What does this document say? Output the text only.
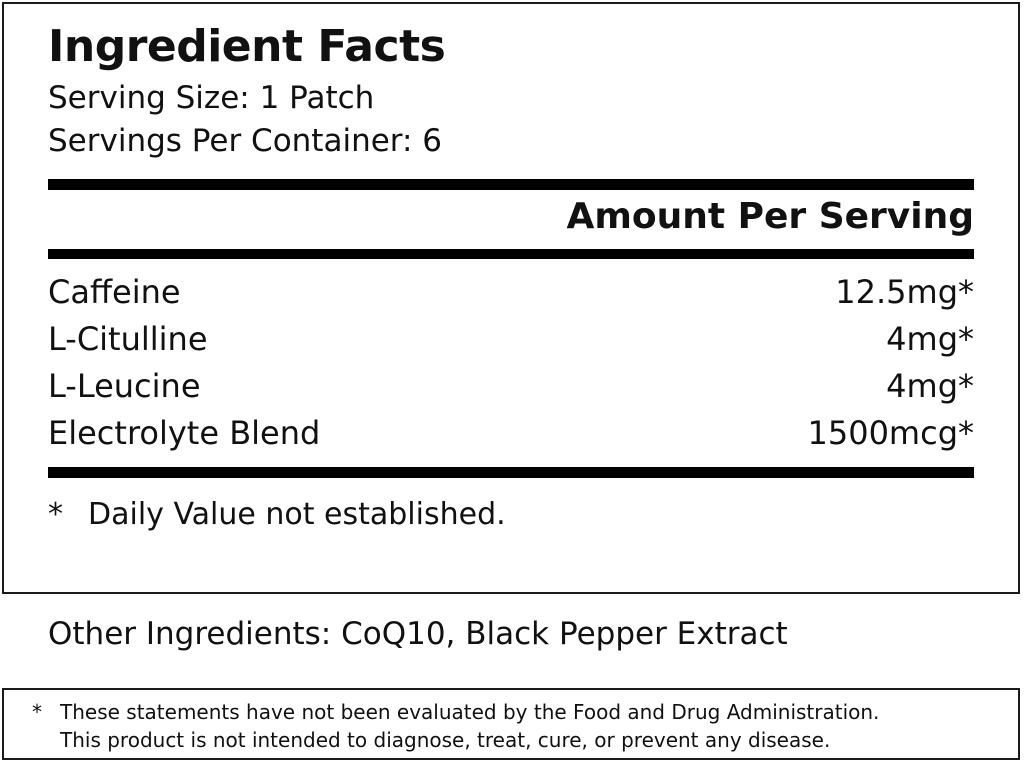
Ingredient Facts
Serving Size: 1 Patch
Servings Per Container: 6
Amount Per Serving
Caffeine	12.5mg*
L-Citulline	4mg*
L-Leucine	4mg*
Electrolyte Blend	1500mcg*
* Daily Value not established.
Other Ingredients: CoQ10, Black Pepper Extract
* These statements have not been evaluated by the Food and Drug Administration.
This product is not intended to diagnose, treat, cure, or prevent any disease.
